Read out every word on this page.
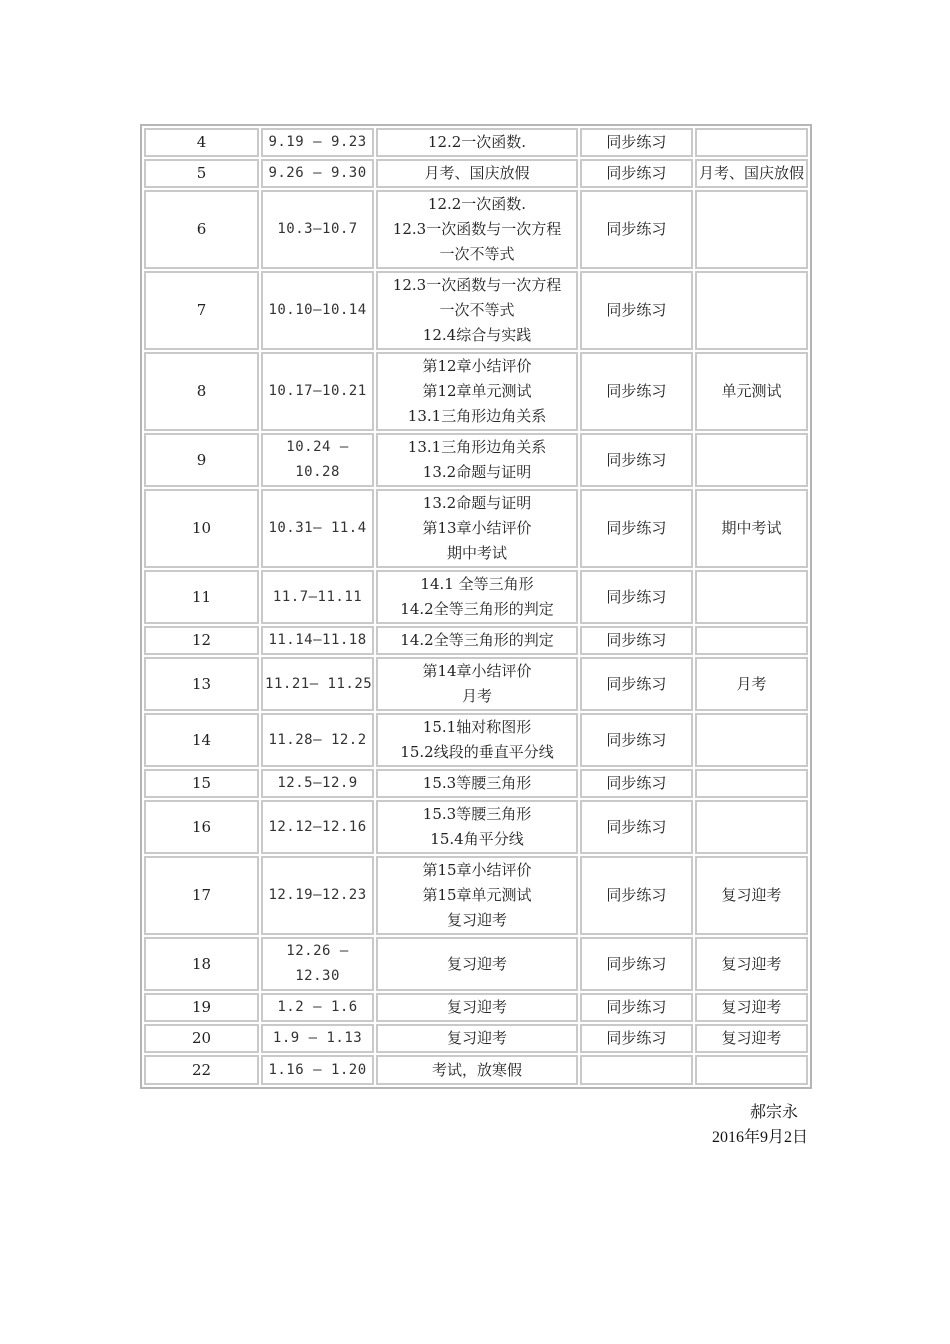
4	9.19 — 9.23	12.2一次函数.	同步练习	

5	9.26 — 9.30	月考、国庆放假	同步练习	月考、国庆放假

6	10.3—10.7	12.2一次函数.
12.3一次函数与一次方程
一次不等式	同步练习	

7	10.10—10.14	12.3一次函数与一次方程
一次不等式
12.4综合与实践	同步练习	

8	10.17—10.21	第12章小结评价
第12章单元测试
13.1三角形边角关系	同步练习	单元测试

9	10.24 —
10.28	13.1三角形边角关系
13.2命题与证明	同步练习	

10	10.31— 11.4	13.2命题与证明
第13章小结评价
期中考试	同步练习	期中考试

11	11.7—11.11	14.1 全等三角形
14.2全等三角形的判定	同步练习	

12	11.14—11.18	14.2全等三角形的判定	同步练习	

13	11.21— 11.25	第14章小结评价
月考	同步练习	月考

14	11.28— 12.2	15.1轴对称图形
15.2线段的垂直平分线	同步练习	

15	12.5—12.9	15.3等腰三角形	同步练习	

16	12.12—12.16	15.3等腰三角形
15.4角平分线	同步练习	

17	12.19—12.23	第15章小结评价
第15章单元测试
复习迎考	同步练习	复习迎考

18	12.26 —
12.30	复习迎考	同步练习	复习迎考

19	1.2 — 1.6	复习迎考	同步练习	复习迎考

20	1.9 — 1.13	复习迎考	同步练习	复习迎考

22	1.16 — 1.20	考试，放寒假		

郝宗永
2016年9月2日
